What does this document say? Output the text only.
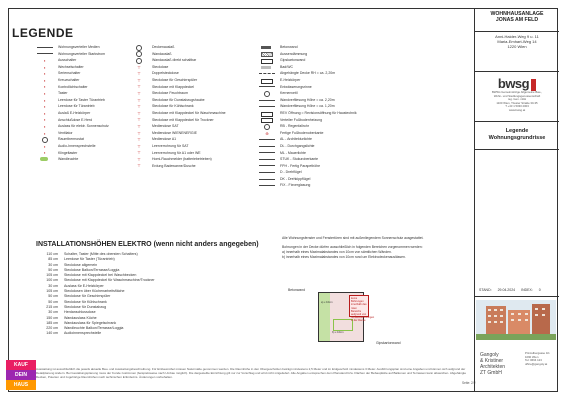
LEGENDE
Wohnungsverteiler Medien
Wohnungsverteiler Starkstrom
◐	Ausschalter
◐	Wechselschalter
◐	Serienschalter
◐	Kreuzschalter
◐	Kontrollichtschalter
◐	Taster
◐	Leerdose für Taster Türantrieb
◐	Leerdose für Türantrieb
◐	Auslaß E-Heizkörper
◐	Anschlußdose E.Herd
◐	Auslass für elektr. Sonnenschutz
◐	Ventilator
Raumthermostat
◐	Audio-Innensprechstelle
◐	Klingeltaster
Wandleuchte
Deckenauslaß
Wandauslaß
Wandauslaß direkt schaltbar
⊤	Steckdose
⊤	Doppelsteckdose
⊤	Steckdose für Geschirrspüler
⊤	Steckdose mit Klappdeckel
⊤	Steckdose Feuchtraum
⊤	Steckdose für Dunstabzugshaube
⊤	Steckdose für Kühlschrank
⊤	Steckdose mit Klappdeckel für Waschmaschine
⊤	Steckdose mit Klappdeckel für Trockner
⊤	Mediendose SAT
⊤	Mediendose WIENENERGIE
⊤	Mediendose A1
⊤	Leerverrohrung für SAT
⊤	Leerverrohrung für A1 oder WE
⊤	Homi-Rauchmelder (batteriebetrieben)
⊤	Erdung Badewanne/Dusche
Betonwand
Aussendämmung
Gipskartonwand
Bad/WC
Abgehängte Decke RH = ca. 2,20m
E-Heizkörper
Entwässerungsrinne
Kernenvetil
Wandverfliesung Höhe = ca. 2,20m
Wandverfliesung Höhe = ca. 1,20m
REV Öffnung = Revisionsöffnung für Haustechnik
Verteiler Fußbodenheizung
RB - Regenfallrohr
⊕	Fertige Fußbodenoberkante
AL - Architekturlichte
DL - Durchgangslichte
ML - Mauerlichte
STUK - Stukuroberkante
FPH - Fertig Parapethöhe
D - Drehflügel
DK - Drehkippflügel
FIX - Fixverglasung
INSTALLATIONSHÖHEN ELEKTRO (wenn nicht anders angegeben)
110 cm Schalter, Taster (Mitte des obersten Schalters)
85 cm Leerdose für Taster (Türantrieb)
30 cm Steckdose allgemein
50 cm Steckdose Balkon/Terrasse/Loggia
105 cm Steckdose mit Klappdeckel bei Waschbecken
100 cm Steckdose mit Klappdeckel für Waschmaschine/Trockner
30 cm Auslass für E-Heizkörper
105 cm Steckdosen über Küchenarbeitsfläche
50 cm Steckdose für Geschirrspüler
50 cm Steckdose für Kühlschrank
215 cm Steckdose für Dunstabzug
30 cm Herdanschlussdose
150 cm Wandauslass Küche
185 cm Wandauslass für Spiegelschrank
220 cm Wandleuchte Balkon/Terrasse/Loggia
140 cm Audioinnensprechstelle
Alle Wohnungsfenster und Fenstertüren sind mit außenliegendem Sonnenschutz ausgestattet.

Bohrungen in der Decke dürfen ausschließlich in folgenden Bereichen vorgenommen werden:
a) innerhalb eines Maximalabstandes von 10cm von sämtlichen Wänden.
b) innerhalb eines Maximalabstandes von 10cm rund um Elektrodeckenauslässen.
Betonwand
keine Bohrungen innerhalb des roten Bereichs aufgrund von Schwerlastleitungen in der Decke
a) ≤ 10cm
b) ≤ 10cm
Gipskartonwand
Ausstattung ist ausschließlich die jeweils aktuelle Bau- und Ausstattungsbeschreibung. Für Einbaumöbel müssen Naturmaße genommen werden. Die Raumhöhe in den Obergeschoßen beträgt mindestens 2,5 Meter und im Erdgeschoß mindestens 3 Meter. Ausführungsplan sind eine Angaben und können sich aufgrund der Detailplanung ändern. Bei Gestaltungsplanung muss der Kunde zustimmen (beispielsweise nach Umbau möglich). Die dargestellte Einrichtung gilt nur zur Vorschlag und wird nicht mitgeliefert. Alle Angaben entsprechen dem Planstand bzw. Flächen der Bebauplätze auf Balkonen und Terrassen kann abweichen. Abgehängte Decken, Poterien und zugehörige Raumhöhen nach technischen Erfordernis. Änderungen vorbehalten.
Seite: 2/2
KAUF
DEIN
HAUS
WOHNHAUSANLAGE
JONAS AM FELD
Anni-Haider-Weg 9 u. 11
Maria-Emhart-Weg 14
1220 Wien
bwsg
BWSG Gemeinnützige Allgemeine Bau-,
Wohn- und Siedlungsgenossenschaft
reg. Gen. mbH
1100 Wien, Triester Straße 30-35
T +43 1 5030 2003
www.bwsg.at
Legende
Wohnungsgrundrisse
STAND: 29.04.2024 INDEX: 0
Gangoly
& Kristiner
Architekten
ZT GmbH
Prinzelbergasse 4/1
1090 Wien
Tel: 0664 123
office@gangoly.at
